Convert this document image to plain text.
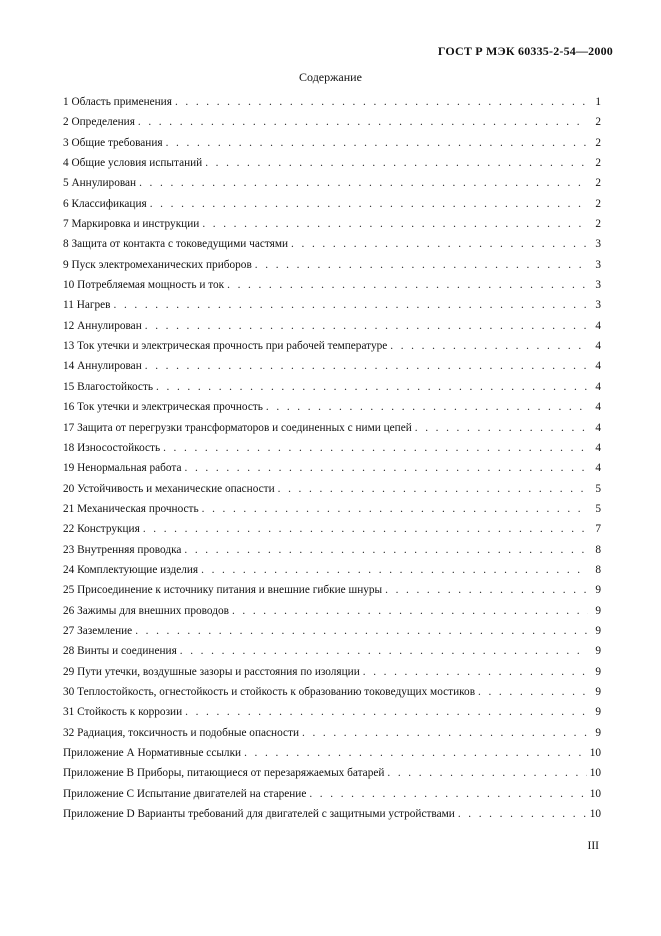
ГОСТ Р МЭК 60335-2-54—2000
Содержание
1 Область применения . . .	1
2 Определения . . .	2
3 Общие требования . . .	2
4 Общие условия испытаний . . .	2
5 Аннулирован . . .	2
6 Классификация . . .	2
7 Маркировка и инструкции . . .	2
8 Защита от контакта с токоведущими частями . . .	3
9 Пуск электромеханических приборов . . .	3
10 Потребляемая мощность и ток . . .	3
11 Нагрев . . .	3
12 Аннулирован . . .	4
13 Ток утечки и электрическая прочность при рабочей температуре . . .	4
14 Аннулирован . . .	4
15 Влагостойкость . . .	4
16 Ток утечки и электрическая прочность . . .	4
17 Защита от перегрузки трансформаторов и соединенных с ними цепей . . .	4
18 Износостойкость . . .	4
19 Ненормальная работа . . .	4
20 Устойчивость и механические опасности . . .	5
21 Механическая прочность . . .	5
22 Конструкция . . .	7
23 Внутренняя проводка . . .	8
24 Комплектующие изделия . . .	8
25 Присоединение к источнику питания и внешние гибкие шнуры . . .	9
26 Зажимы для внешних проводов . . .	9
27 Заземление . . .	9
28 Винты и соединения . . .	9
29 Пути утечки, воздушные зазоры и расстояния по изоляции . . .	9
30 Теплостойкость, огнестойкость и стойкость к образованию токоведущих мостиков . . .	9
31 Стойкость к коррозии . . .	9
32 Радиация, токсичность и подобные опасности . . .	9
Приложение А Нормативные ссылки . . .	10
Приложение В Приборы, питающиеся от перезаряжаемых батарей . . .	10
Приложение С Испытание двигателей на старение . . .	10
Приложение D Варианты требований для двигателей с защитными устройствами . . .	10
III
